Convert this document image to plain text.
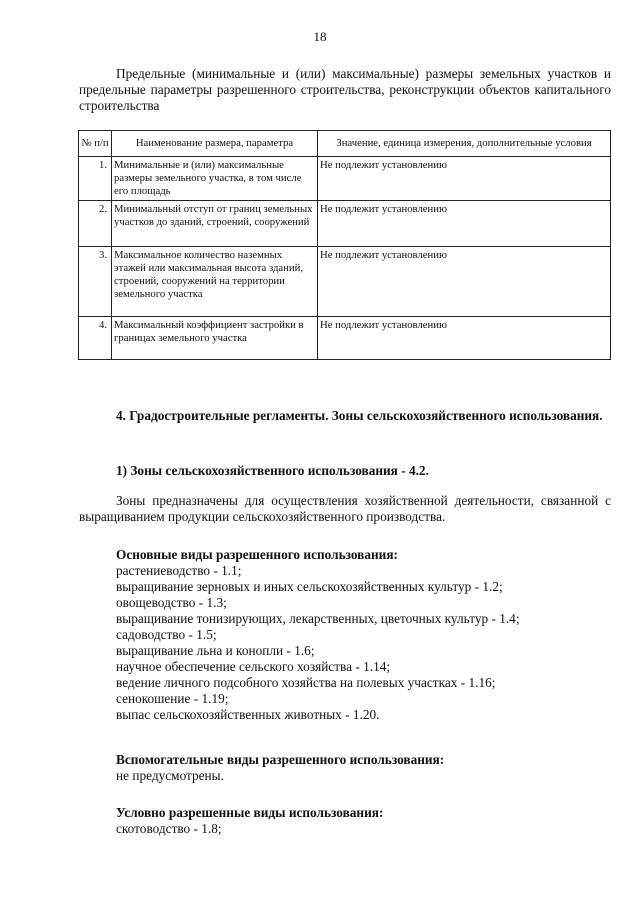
18

Предельные (минимальные и (или) максимальные) размеры земельных участков и предельные параметры разрешенного строительства, реконструкции объектов капитального строительства

№ п/п	Наименование размера, параметра	Значение, единица измерения, дополнительные условия
1.	Минимальные и (или) максимальные размеры земельного участка, в том числе его площадь	Не подлежит установлению
2.	Минимальный отступ от границ земельных участков до зданий, строений, сооружений	Не подлежит установлению
3.	Максимальное количество наземных этажей или максимальная высота зданий, строений, сооружений на территории земельного участка	Не подлежит установлению
4.	Максимальный коэффициент застройки в границах земельного участка	Не подлежит установлению

4. Градостроительные регламенты. Зоны сельскохозяйственного использования.

1) Зоны сельскохозяйственного использования - 4.2.

Зоны предназначены для осуществления хозяйственной деятельности, связанной с выращиванием продукции сельскохозяйственного производства.

Основные виды разрешенного использования:
растениеводство - 1.1;
выращивание зерновых и иных сельскохозяйственных культур - 1.2;
овощеводство - 1.3;
выращивание тонизирующих, лекарственных, цветочных культур - 1.4;
садоводство - 1.5;
выращивание льна и конопли - 1.6;
научное обеспечение сельского хозяйства - 1.14;
ведение личного подсобного хозяйства на полевых участках - 1.16;
сенокошение - 1.19;
выпас сельскохозяйственных животных - 1.20.
Вспомогательные виды разрешенного использования:
не предусмотрены.
Условно разрешенные виды использования:
скотоводство - 1.8;
